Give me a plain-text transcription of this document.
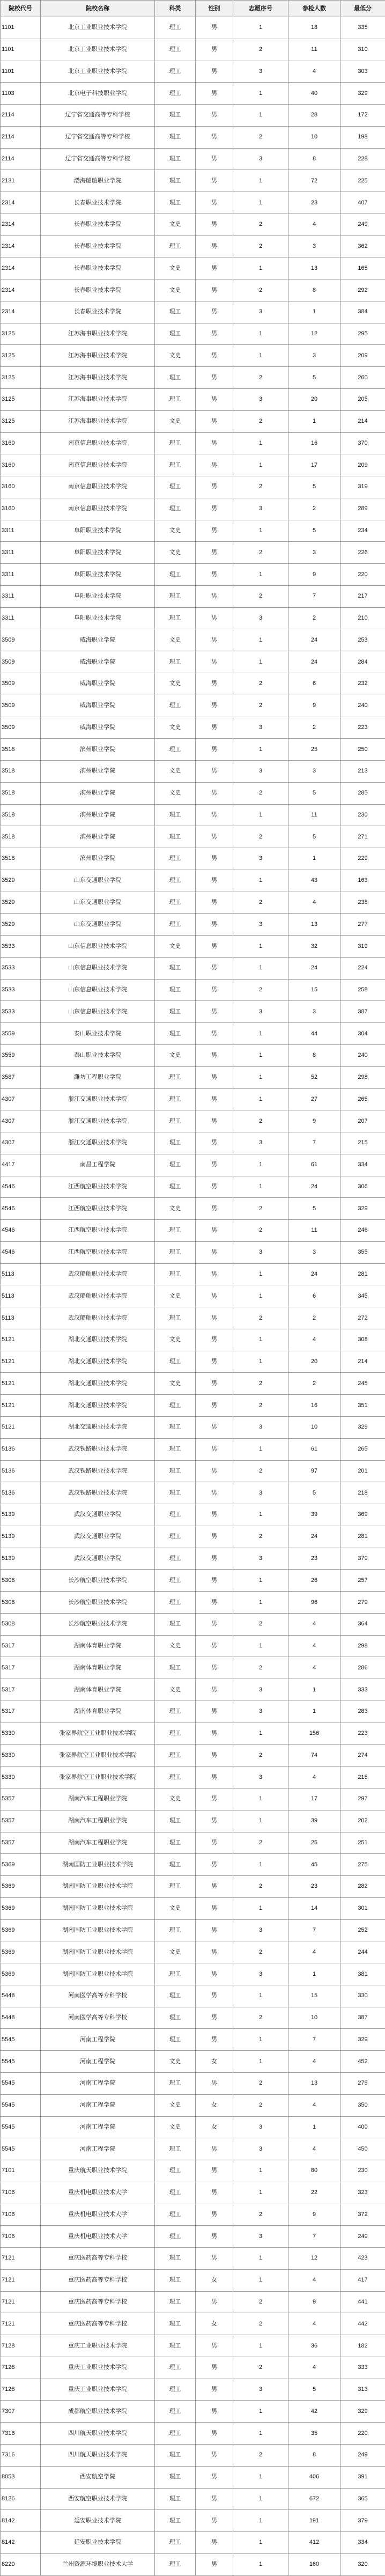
院校代号	院校名称	科类	性别	志愿序号	参检人数	最低分
1101	北京工业职业技术学院	理工	男	1	18	335
1101	北京工业职业技术学院	理工	男	2	11	310
1101	北京工业职业技术学院	理工	男	3	4	303
1103	北京电子科技职业学院	理工	男	1	40	329
2114	辽宁省交通高等专科学校	理工	男	1	28	172
2114	辽宁省交通高等专科学校	理工	男	2	10	198
2114	辽宁省交通高等专科学校	理工	男	3	8	228
2131	渤海船舶职业学院	理工	男	1	72	225
2314	长春职业技术学院	理工	男	1	23	407
2314	长春职业技术学院	文史	男	2	4	249
2314	长春职业技术学院	理工	男	2	3	362
2314	长春职业技术学院	文史	男	1	13	165
2314	长春职业技术学院	文史	男	2	8	292
2314	长春职业技术学院	理工	男	3	1	384
3125	江苏海事职业技术学院	理工	男	1	12	295
3125	江苏海事职业技术学院	文史	男	1	3	209
3125	江苏海事职业技术学院	理工	男	2	5	260
3125	江苏海事职业技术学院	理工	男	3	20	205
3125	江苏海事职业技术学院	文史	男	2	1	214
3160	南京信息职业技术学院	理工	男	1	16	370
3160	南京信息职业技术学院	理工	男	1	17	209
3160	南京信息职业技术学院	理工	男	2	5	319
3160	南京信息职业技术学院	理工	男	3	2	289
3311	阜阳职业技术学院	文史	男	1	5	234
3311	阜阳职业技术学院	文史	男	2	3	226
3311	阜阳职业技术学院	理工	男	1	9	220
3311	阜阳职业技术学院	理工	男	2	7	217
3311	阜阳职业技术学院	理工	男	3	2	210
3509	威海职业学院	文史	男	1	24	253
3509	威海职业学院	理工	男	1	24	284
3509	威海职业学院	文史	男	2	6	232
3509	威海职业学院	理工	男	2	9	240
3509	威海职业学院	文史	男	3	2	223
3518	滨州职业学院	理工	男	1	25	250
3518	滨州职业学院	文史	男	3	3	213
3518	滨州职业学院	文史	男	2	5	285
3518	滨州职业学院	理工	男	1	11	230
3518	滨州职业学院	理工	男	2	5	271
3518	滨州职业学院	理工	男	3	1	229
3529	山东交通职业学院	理工	男	1	43	163
3529	山东交通职业学院	理工	男	2	4	238
3529	山东交通职业学院	理工	男	3	13	277
3533	山东信息职业技术学院	文史	男	1	32	319
3533	山东信息职业技术学院	理工	男	1	24	224
3533	山东信息职业技术学院	理工	男	2	15	258
3533	山东信息职业技术学院	理工	男	3	3	387
3559	泰山职业技术学院	理工	男	1	44	304
3559	泰山职业技术学院	文史	男	1	8	240
3587	潍坊工程职业学院	理工	男	1	52	298
4307	浙江交通职业技术学院	理工	男	1	27	265
4307	浙江交通职业技术学院	理工	男	2	9	207
4307	浙江交通职业技术学院	理工	男	3	7	215
4417	南昌工程学院	理工	男	1	61	334
4546	江西航空职业技术学院	理工	男	1	24	306
4546	江西航空职业技术学院	文史	男	2	5	329
4546	江西航空职业技术学院	理工	男	2	11	246
4546	江西航空职业技术学院	理工	男	3	3	355
5113	武汉船舶职业技术学院	理工	男	1	24	281
5113	武汉船舶职业技术学院	文史	男	1	6	345
5113	武汉船舶职业技术学院	理工	男	2	2	272
5121	湖北交通职业技术学院	文史	男	1	4	308
5121	湖北交通职业技术学院	理工	男	1	20	214
5121	湖北交通职业技术学院	文史	男	2	2	245
5121	湖北交通职业技术学院	理工	男	2	16	351
5121	湖北交通职业技术学院	理工	男	3	10	329
5136	武汉铁路职业技术学院	理工	男	1	61	265
5136	武汉铁路职业技术学院	理工	男	2	97	201
5136	武汉铁路职业技术学院	理工	男	3	5	218
5139	武汉交通职业学院	理工	男	1	39	369
5139	武汉交通职业学院	理工	男	2	24	281
5139	武汉交通职业学院	理工	男	3	23	379
5308	长沙航空职业技术学院	理工	男	1	26	257
5308	长沙航空职业技术学院	理工	男	1	96	279
5308	长沙航空职业技术学院	理工	男	2	4	364
5317	湖南体育职业学院	文史	男	1	4	298
5317	湖南体育职业学院	理工	男	2	4	286
5317	湖南体育职业学院	文史	男	3	1	333
5317	湖南体育职业学院	理工	男	3	1	283
5330	张家界航空工业职业技术学院	理工	男	1	156	223
5330	张家界航空工业职业技术学院	理工	男	2	74	274
5330	张家界航空工业职业技术学院	理工	男	3	4	215
5357	湖南汽车工程职业学院	文史	男	1	17	297
5357	湖南汽车工程职业学院	理工	男	1	39	202
5357	湖南汽车工程职业学院	理工	男	2	25	251
5369	湖南国防工业职业技术学院	理工	男	1	45	275
5369	湖南国防工业职业技术学院	理工	男	2	23	282
5369	湖南国防工业职业技术学院	文史	男	1	14	301
5369	湖南国防工业职业技术学院	理工	男	3	7	252
5369	湖南国防工业职业技术学院	文史	男	2	4	244
5369	湖南国防工业职业技术学院	理工	男	3	1	381
5448	河南医学高等专科学校	理工	男	1	15	330
5448	河南医学高等专科学校	理工	男	2	10	387
5545	河南工程学院	理工	男	1	7	329
5545	河南工程学院	文史	女	1	4	452
5545	河南工程学院	理工	男	2	13	275
5545	河南工程学院	文史	女	2	4	350
5545	河南工程学院	文史	女	3	1	400
5545	河南工程学院	理工	男	3	4	450
7101	重庆航天职业技术学院	理工	男	1	80	230
7106	重庆机电职业技术大学	理工	男	1	22	323
7106	重庆机电职业技术大学	理工	男	2	9	372
7106	重庆机电职业技术大学	理工	男	3	7	249
7121	重庆医药高等专科学校	理工	男	1	12	423
7121	重庆医药高等专科学校	理工	女	1	4	417
7121	重庆医药高等专科学校	理工	男	2	9	441
7121	重庆医药高等专科学校	理工	女	2	4	442
7128	重庆工业职业技术学院	理工	男	1	36	182
7128	重庆工业职业技术学院	理工	男	2	4	333
7128	重庆工业职业技术学院	理工	男	3	5	313
7307	成都航空职业技术学院	理工	男	1	42	329
7316	四川航天职业技术学院	理工	男	1	35	220
7316	四川航天职业技术学院	理工	男	2	8	249
8053	西安航空学院	理工	男	1	406	391
8126	西安航空职业技术学院	理工	男	1	672	365
8142	延安职业技术学院	理工	男	1	191	379
8142	延安职业技术学院	理工	男	1	412	334
8220	兰州资源环境职业技术大学	理工	男	1	160	320
